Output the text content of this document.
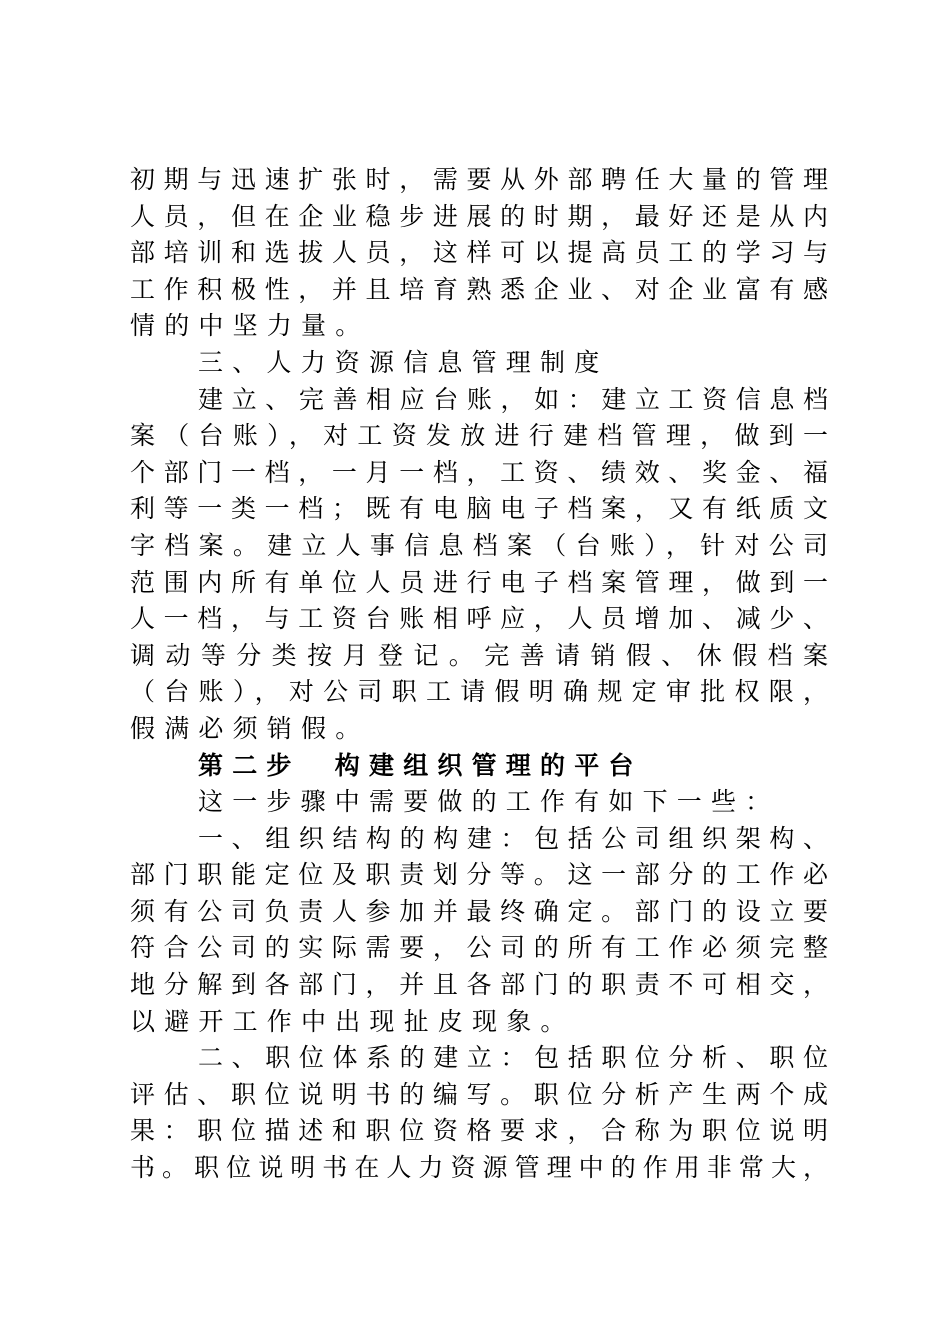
初期与迅速扩张时，需要从外部聘任大量的管理
人员，但在企业稳步进展的时期，最好还是从内
部培训和选拔人员，这样可以提高员工的学习与
工作积极性，并且培育熟悉企业、对企业富有感
情的中坚力量。
三、人力资源信息管理制度
建立、完善相应台账，如：建立工资信息档
案（台账），对工资发放进行建档管理，做到一
个部门一档，一月一档，工资、绩效、奖金、福
利等一类一档；既有电脑电子档案，又有纸质文
字档案。建立人事信息档案（台账），针对公司
范围内所有单位人员进行电子档案管理，做到一
人一档，与工资台账相呼应，人员增加、减少、
调动等分类按月登记。完善请销假、休假档案
（台账），对公司职工请假明确规定审批权限，
假满必须销假。
第二步　构建组织管理的平台
这一步骤中需要做的工作有如下一些：
一、组织结构的构建：包括公司组织架构、
部门职能定位及职责划分等。这一部分的工作必
须有公司负责人参加并最终确定。部门的设立要
符合公司的实际需要，公司的所有工作必须完整
地分解到各部门，并且各部门的职责不可相交，
以避开工作中出现扯皮现象。
二、职位体系的建立：包括职位分析、职位
评估、职位说明书的编写。职位分析产生两个成
果：职位描述和职位资格要求，合称为职位说明
书。职位说明书在人力资源管理中的作用非常大，
